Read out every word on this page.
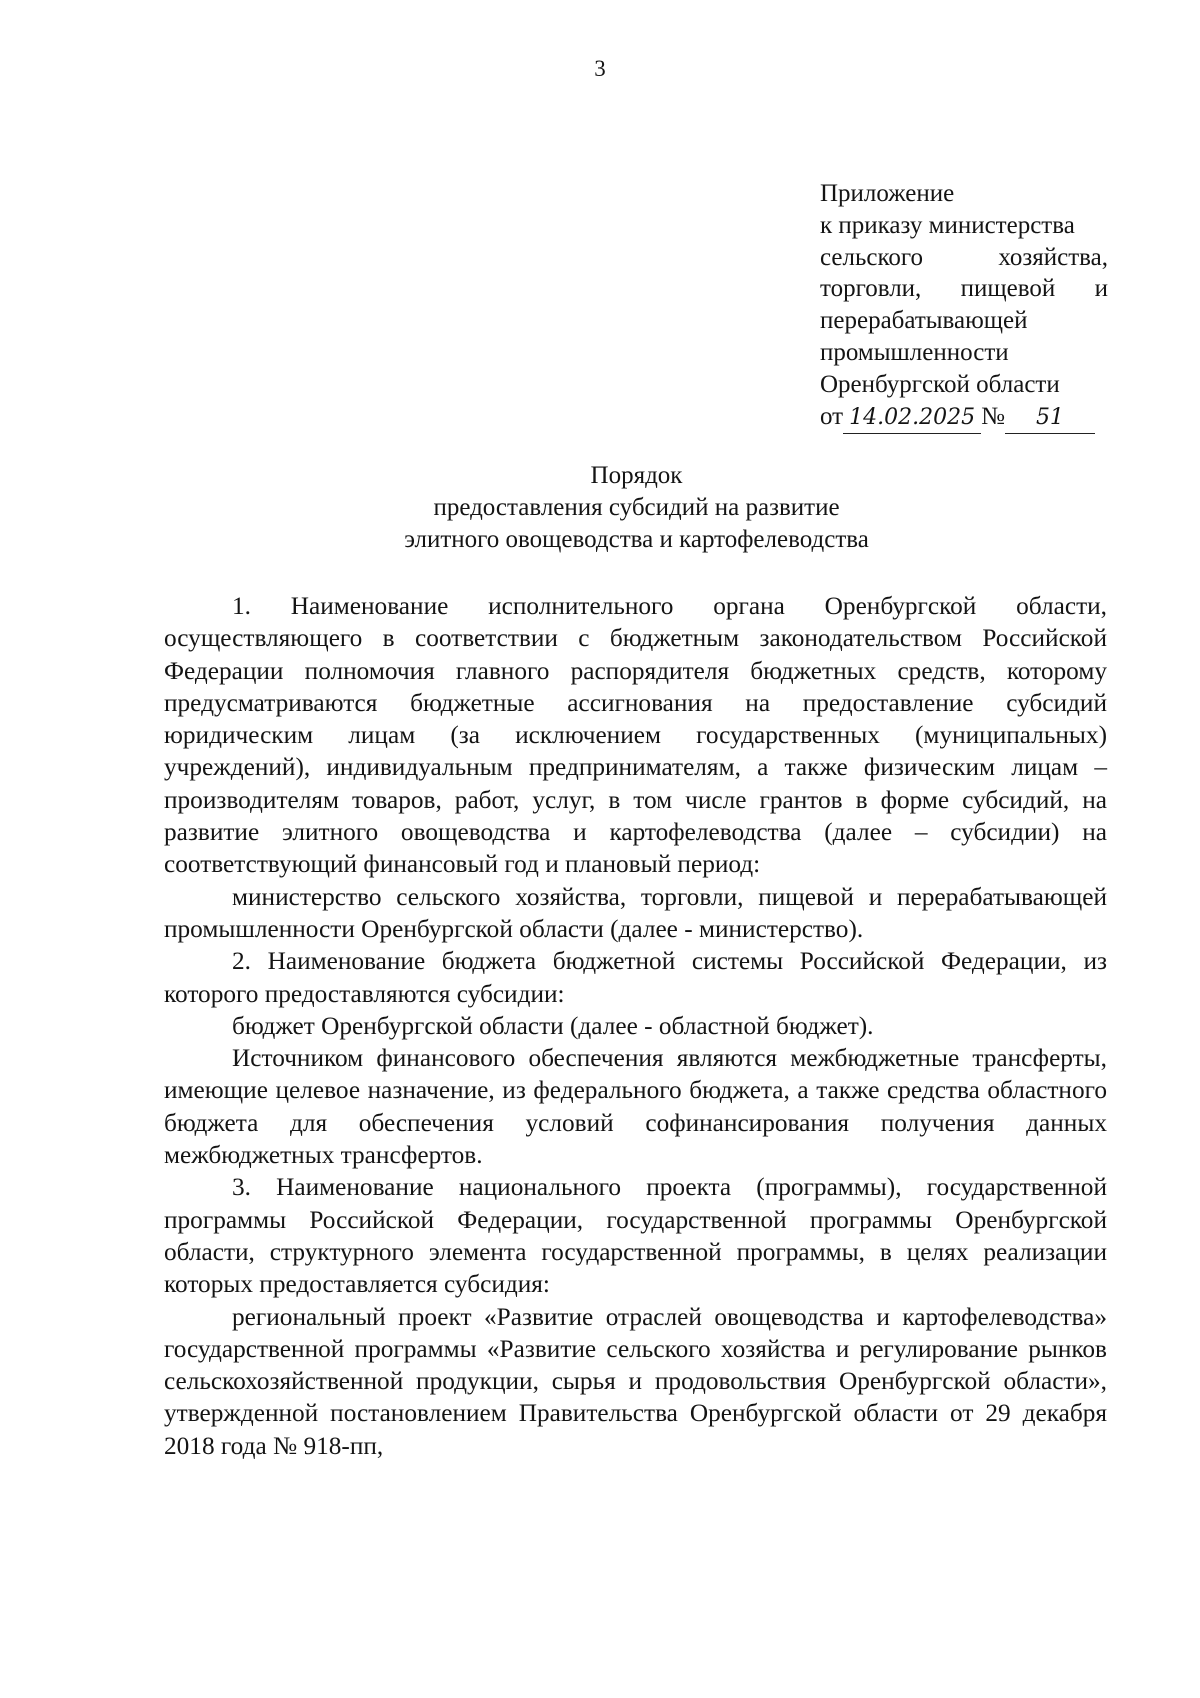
3
Приложение
к приказу министерства
сельского хозяйства,
торговли, пищевой и
перерабатывающей
промышленности
Оренбургской области
от 14.02.2025 № 51
Порядок
предоставления субсидий на развитие
элитного овощеводства и картофелеводства

1. Наименование исполнительного органа Оренбургской области, осуществляющего в соответствии с бюджетным законодательством Российской Федерации полномочия главного распорядителя бюджетных средств, которому предусматриваются бюджетные ассигнования на предоставление субсидий юридическим лицам (за исключением государственных (муниципальных) учреждений), индивидуальным предпринимателям, а также физическим лицам – производителям товаров, работ, услуг, в том числе грантов в форме субсидий, на развитие элитного овощеводства и картофелеводства (далее – субсидии) на соответствующий финансовый год и плановый период:

министерство сельского хозяйства, торговли, пищевой и перерабатывающей промышленности Оренбургской области (далее - министерство).

2. Наименование бюджета бюджетной системы Российской Федерации, из которого предоставляются субсидии:

бюджет Оренбургской области (далее - областной бюджет).

Источником финансового обеспечения являются межбюджетные трансферты, имеющие целевое назначение, из федерального бюджета, а также средства областного бюджета для обеспечения условий софинансирования получения данных межбюджетных трансфертов.

3. Наименование национального проекта (программы), государственной программы Российской Федерации, государственной программы Оренбургской области, структурного элемента государственной программы, в целях реализации которых предоставляется субсидия:

региональный проект «Развитие отраслей овощеводства и картофелеводства» государственной программы «Развитие сельского хозяйства и регулирование рынков сельскохозяйственной продукции, сырья и продовольствия Оренбургской области», утвержденной постановлением Правительства Оренбургской области от 29 декабря 2018 года № 918-пп,
